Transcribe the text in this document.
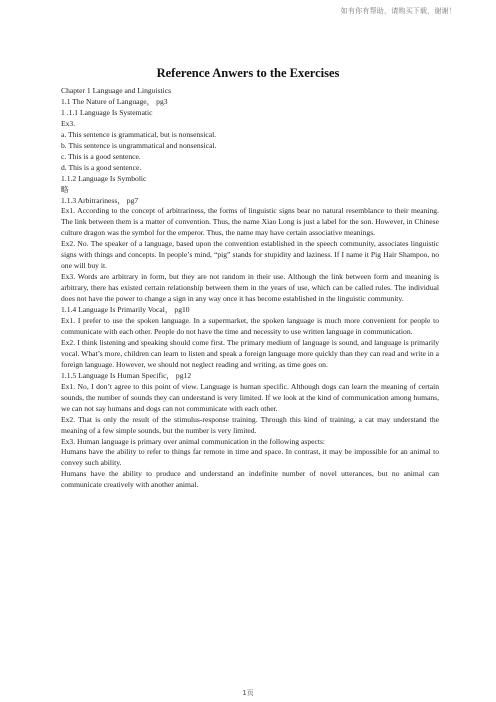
如有你有帮助，请购买下载，谢谢！
Reference Anwers to the Exercises

Chapter 1 Language and Linguistics

1.1 The Nature of Language， pg3

1 .1.1 Language Is Systematic

Ex3.

a. This sentence is grammatical, but is nonsensical.

b. This sentence is ungrammatical and nonsensical.

c. This is a good sentence.

d. This is a good sentence.

1.1.2 Language Is Symbolic

略

1.1.3 Arbitrariness， pg7

Ex1. According to the concept of arbitrariness, the forms of linguistic signs bear no natural resemblance to their meaning. The link between them is a matter of convention. Thus, the name Xiao Long is just a label for the son. However, in Chinese culture dragon was the symbol for the emperor. Thus, the name may have certain associative meanings.

Ex2. No. The speaker of a language, based upon the convention established in the speech community, associates linguistic signs with things and concepts. In people’s mind, “pig” stands for stupidity and laziness. If I name it Pig Hair Shampoo, no one will buy it.

Ex3. Words are arbitrary in form, but they are not random in their use. Although the link between form and meaning is arbitrary, there has existed certain relationship between them in the years of use, which can be called rules. The individual does not have the power to change a sign in any way once it has become established in the linguistic community.

1.1.4 Language Is Primarily Vocal， pg10

Ex1. I prefer to use the spoken language. In a supermarket, the spoken language is much more convenient for people to communicate with each other. People do not have the time and necessity to use written language in communication.

Ex2. I think listening and speaking should come first. The primary medium of language is sound, and language is primarily vocal. What’s more, children can learn to listen and speak a foreign language more quickly than they can read and write in a foreign language. However, we should not neglect reading and writing, as time goes on.

1.1.5 Language Is Human Specific， pg12

Ex1. No, I don’t agree to this point of view. Language is human specific. Although dogs can learn the meaning of certain sounds, the number of sounds they can understand is very limited. If we look at the kind of communication among humans, we can not say humans and dogs can not communicate with each other.

Ex2. That is only the result of the stimulus-response training. Through this kind of training, a cat may understand the meaning of a few simple sounds, but the number is very limited.

Ex3. Human language is primary over animal communication in the following aspects:

Humans have the ability to refer to things far remote in time and space. In contrast, it may be impossible for an animal to convey such ability.

Humans have the ability to produce and understand an indefinite number of novel utterances, but no animal can communicate creatively with another animal.

1页
